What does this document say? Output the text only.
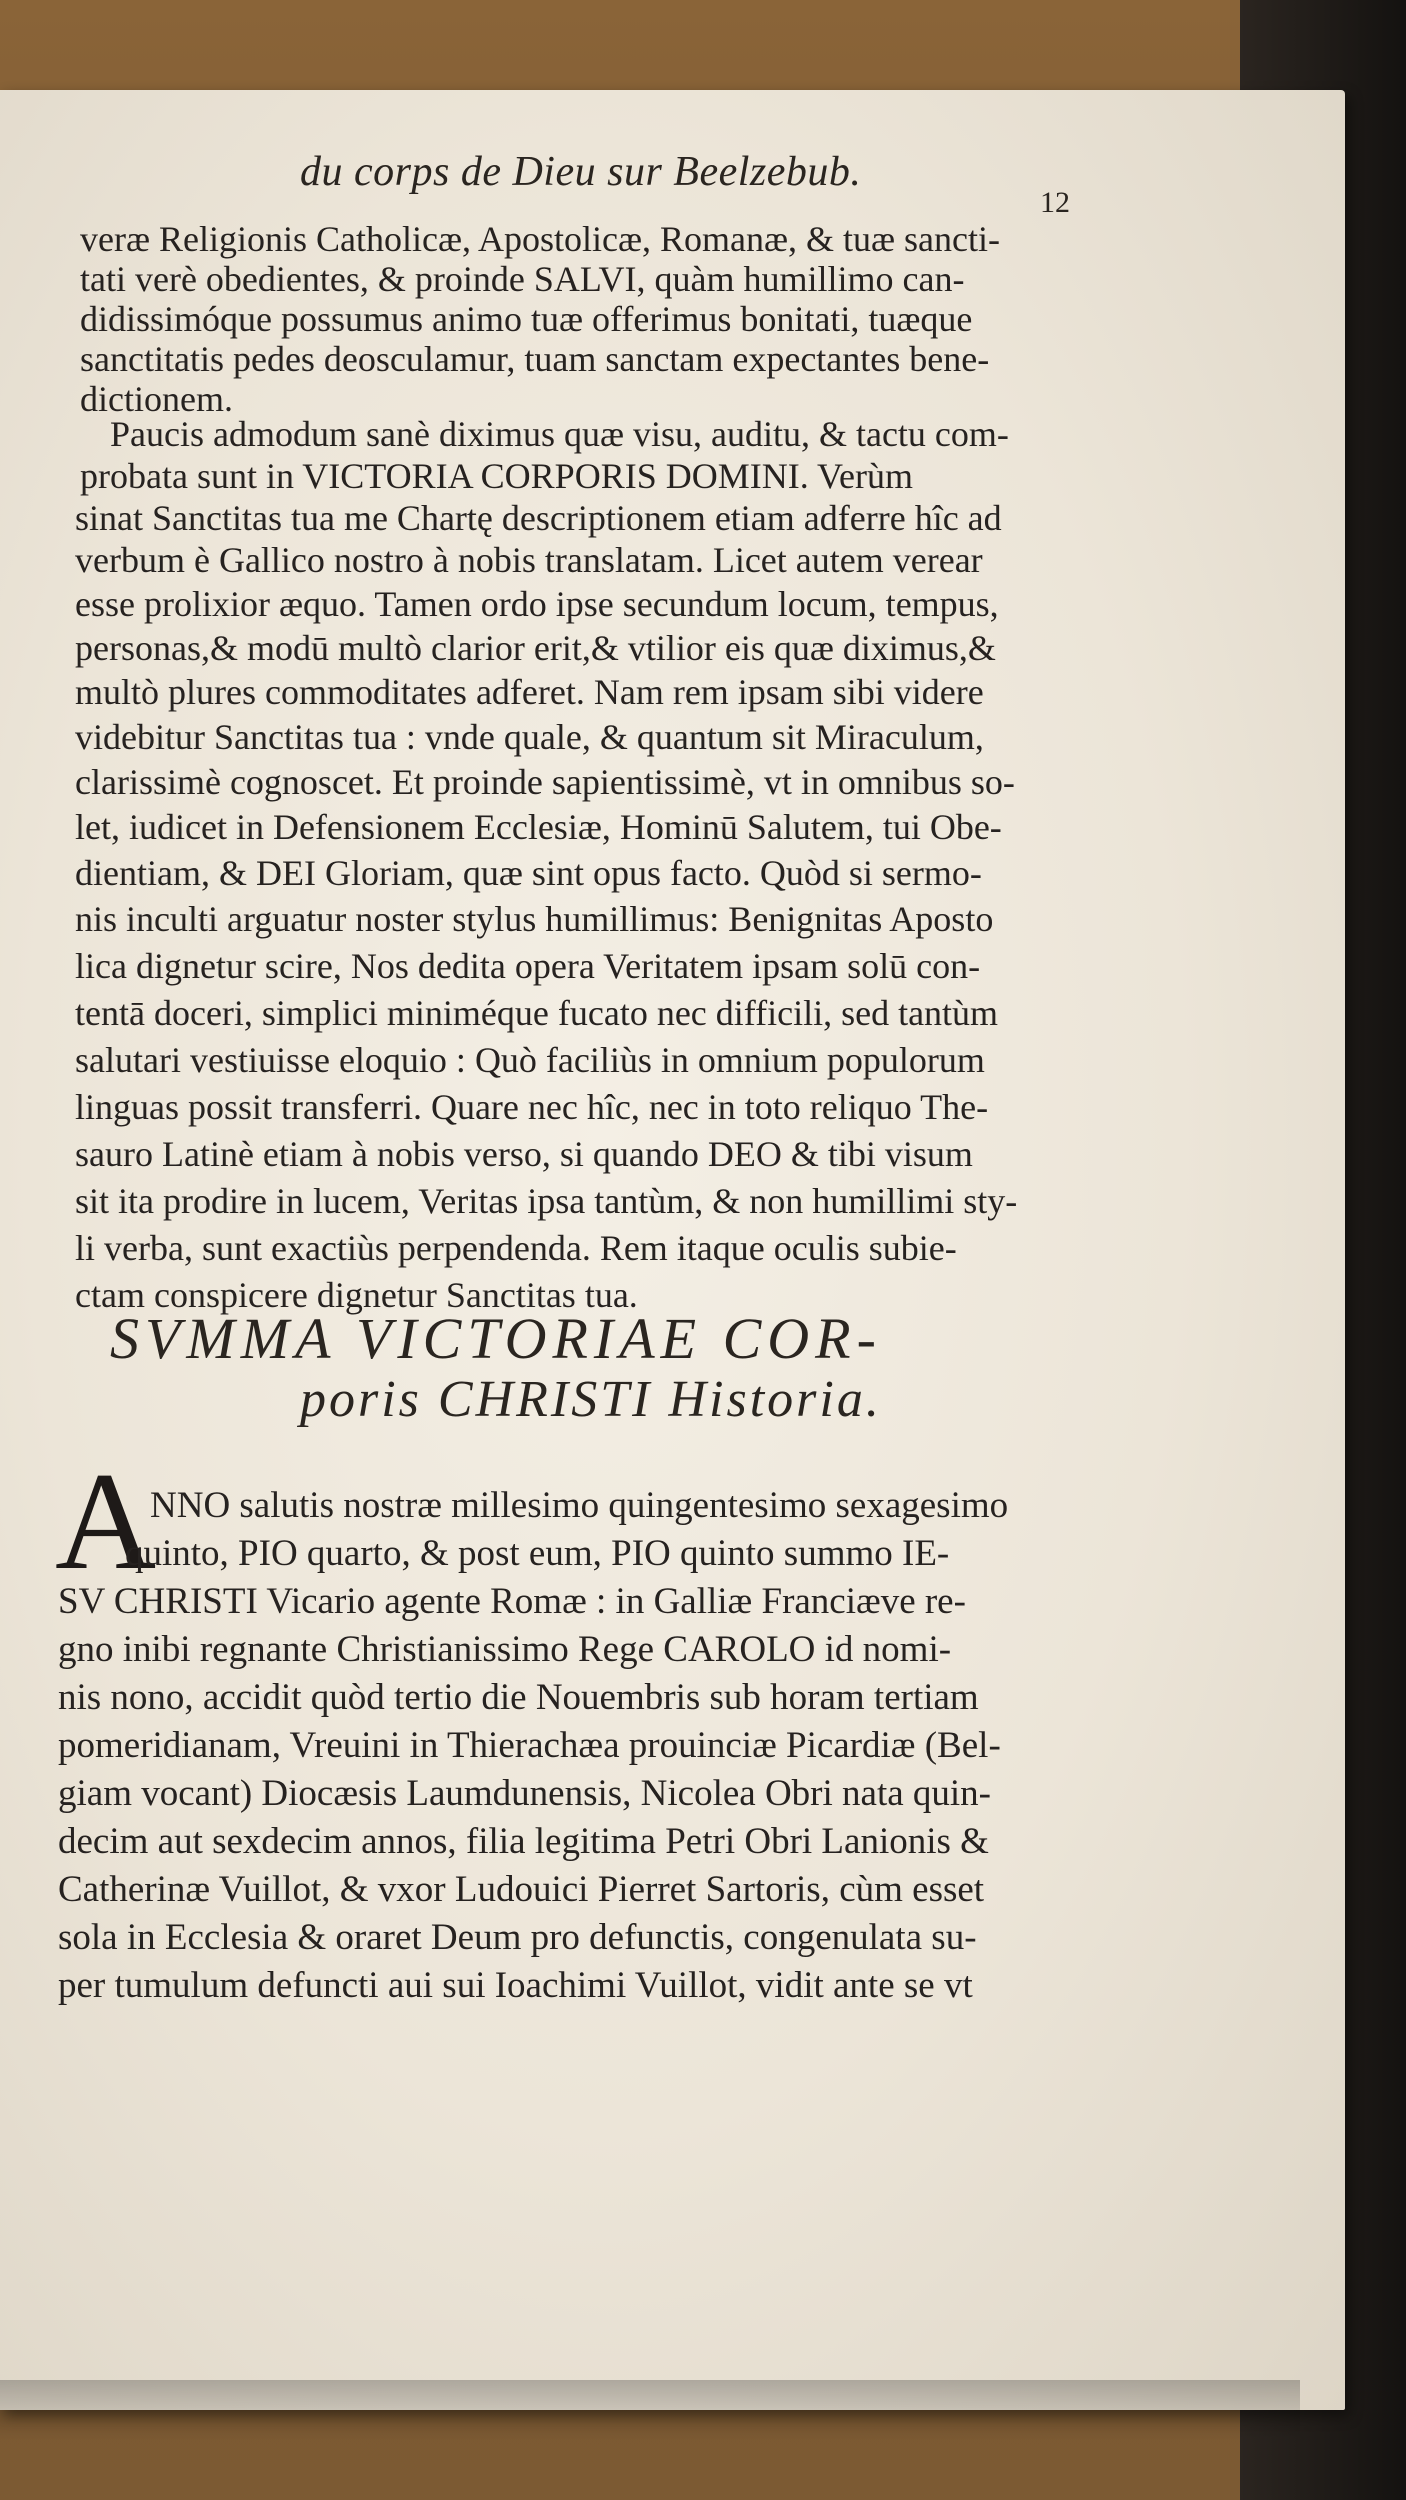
du corps de Dieu sur Beelzebub.
12
veræ Religionis Catholicæ, Apostolicæ, Romanæ, & tuæ sancti-
tati verè obedientes, & proinde SALVI, quàm humillimo can-
didissimóque possumus animo tuæ offerimus bonitati, tuæque
sanctitatis pedes deosculamur, tuam sanctam expectantes bene-
dictionem.
Paucis admodum sanè diximus quæ visu, auditu, & tactu com-
probata sunt in VICTORIA CORPORIS DOMINI. Verùm
sinat Sanctitas tua me Chartę descriptionem etiam adferre hîc ad
verbum è Gallico nostro à nobis translatam. Licet autem verear
esse prolixior æquo. Tamen ordo ipse secundum locum, tempus,
personas,& modū multò clarior erit,& vtilior eis quæ diximus,&
multò plures commoditates adferet. Nam rem ipsam sibi videre
videbitur Sanctitas tua : vnde quale, & quantum sit Miraculum,
clarissimè cognoscet. Et proinde sapientissimè, vt in omnibus so-
let, iudicet in Defensionem Ecclesiæ, Hominū Salutem, tui Obe-
dientiam, & DEI Gloriam, quæ sint opus facto. Quòd si sermo-
nis inculti arguatur noster stylus humillimus: Benignitas Aposto
lica dignetur scire, Nos dedita opera Veritatem ipsam solū con-
tentā doceri, simplici miniméque fucato nec difficili, sed tantùm
salutari vestiuisse eloquio : Quò faciliùs in omnium populorum
linguas possit transferri. Quare nec hîc, nec in toto reliquo The-
sauro Latinè etiam à nobis verso, si quando DEO & tibi visum
sit ita prodire in lucem, Veritas ipsa tantùm, & non humillimi sty-
li verba, sunt exactiùs perpendenda. Rem itaque oculis subie-
ctam conspicere dignetur Sanctitas tua.
SVMMA VICTORIAE COR-
poris CHRISTI Historia.
A
NNO salutis nostræ millesimo quingentesimo sexagesimo
quinto, PIO quarto, & post eum, PIO quinto summo IE-
SV CHRISTI Vicario agente Romæ : in Galliæ Franciæve re-
gno inibi regnante Christianissimo Rege CAROLO id nomi-
nis nono, accidit quòd tertio die Nouembris sub horam tertiam
pomeridianam, Vreuini in Thierachæa prouinciæ Picardiæ (Bel-
giam vocant) Diocæsis Laumdunensis, Nicolea Obri nata quin-
decim aut sexdecim annos, filia legitima Petri Obri Lanionis &
Catherinæ Vuillot, & vxor Ludouici Pierret Sartoris, cùm esset
sola in Ecclesia & oraret Deum pro defunctis, congenulata su-
per tumulum defuncti aui sui Ioachimi Vuillot, vidit ante se vt
